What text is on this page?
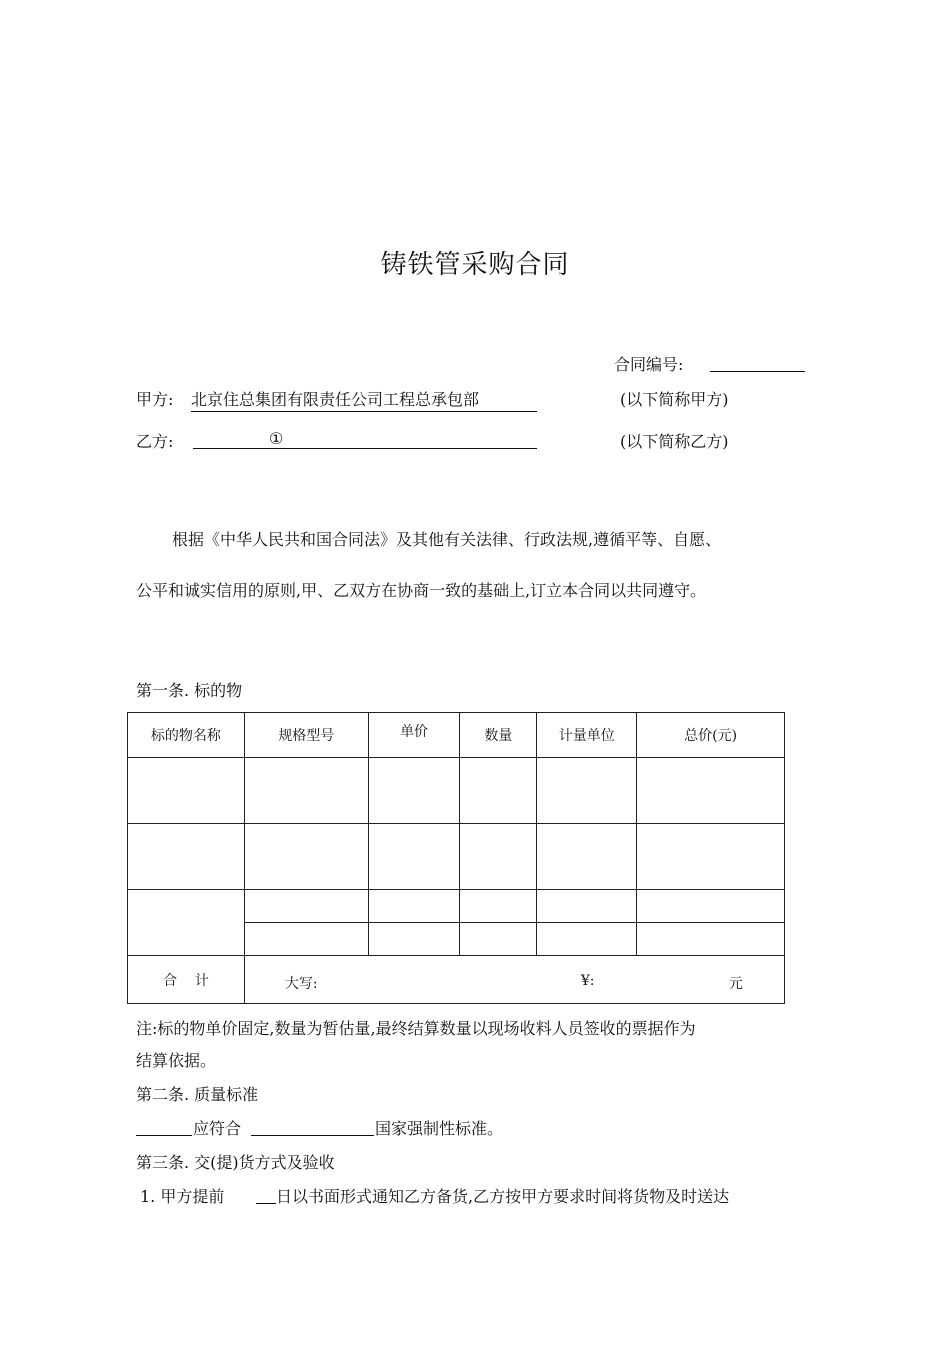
铸铁管采购合同
合同编号:
甲方: 北京住总集团有限责任公司工程总承包部	(以下简称甲方)
乙方:	①	(以下简称乙方)
根据《中华人民共和国合同法》及其他有关法律、行政法规,遵循平等、自愿、
公平和诚实信用的原则,甲、乙双方在协商一致的基础上,订立本合同以共同遵守。
第一条. 标的物
标的物名称	规格型号	单价	数量	计量单位	总价(元)

合    计	大写: ¥: 元				
注:标的物单价固定,数量为暂估量,最终结算数量以现场收料人员签收的票据作为
结算依据。
第二条. 质量标准
应符合	国家强制性标准。
第三条. 交(提)货方式及验收
1. 甲方提前	日以书面形式通知乙方备货,乙方按甲方要求时间将货物及时送达
